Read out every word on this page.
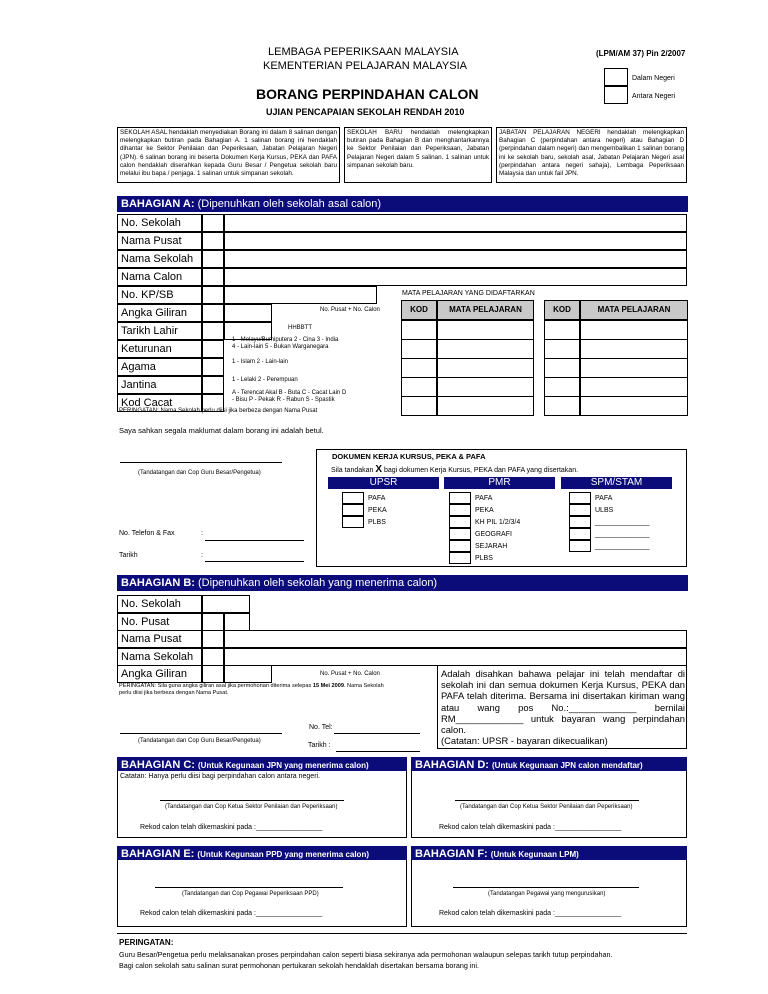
LEMBAGA PEPERIKSAAN MALAYSIA
KEMENTERIAN PELAJARAN MALAYSIA
(LPM/AM 37) Pin 2/2007
Dalam Negeri
Antara Negeri
BORANG PERPINDAHAN CALON
UJIAN PENCAPAIAN SEKOLAH RENDAH 2010
SEKOLAH ASAL hendaklah menyediakan Borang ini dalam 8 salinan dengan melengkapkan butiran pada Bahagian A. 1 salinan borang ini hendaklah dihantar ke Sektor Penilaian dan Peperiksaan, Jabatan Pelajaran Negeri (JPN). 6 salinan borang ini beserta Dokumen Kerja Kursus, PEKA dan PAFA calon hendaklah diserahkan kepada Guru Besar / Pengetua sekolah baru melalui ibu bapa / penjaga. 1 salinan untuk simpanan sekolah.
SEKOLAH BARU hendaklah melengkapkan butiran pada Bahagian B dan menghantarkannya ke Sektor Penilaian dan Peperiksaan, Jabatan Pelajaran Negeri dalam 5 salinan. 1 salinan untuk simpanan sekolah baru.
JABATAN PELAJARAN NEGERI hendaklah melengkapkan Bahagian C (perpindahan antara negeri) atau Bahagian D (perpindahan dalam negeri) dan mengembalikan 1 salinan borang ini ke sekolah baru, sekolah asal, Jabatan Pelajaran Negeri asal (perpindahan antara negeri sahaja), Lembaga Peperiksaan Malaysia dan untuk fail JPN.
BAHAGIAN A: (Dipenuhkan oleh sekolah asal calon)
No. Sekolah
Nama Pusat
Nama Sekolah
Nama Calon
No. KP/SB
Angka Giliran
Tarikh Lahir
Keturunan
Agama
Jantina
Kod Cacat
No. Pusat + No. Calon
HHBBTT
1 - Melayu/Bumiputera 2 - Cina 3 - India
4 - Lain-lain 5 - Bukan Warganegara
1 - Islam 2 - Lain-lain
1 - Lelaki 2 - Perempuan
A - Terencat Akal B - Buta C - Cacat Lain D
- Bisu P - Pekak R - Rabun S - Spastik
PERINGATAN: Nama Sekolah perlu diisi jika berbeza dengan Nama Pusat
Saya sahkan segala maklumat dalam borang ini adalah betul.
MATA PELAJARAN YANG DIDAFTARKAN
KOD	MATA PELAJARAN	KOD	MATA PELAJARAN
(Tandatangan dan Cop Guru Besar/Pengetua)
No. Telefon & Fax	:
Tarikh	:
DOKUMEN KERJA KURSUS, PEKA & PAFA
Sila tandakan X bagi dokumen Kerja Kursus, PEKA dan PAFA yang disertakan.
UPSR	PMR	SPM/STAM
PAFA
PEKA
PLBS
PAFA
PEKA
KH PIL 1/2/3/4
GEOGRAFI
SEJARAH
PLBS
PAFA
ULBS
______________
______________
______________
BAHAGIAN B: (Dipenuhkan oleh sekolah yang menerima calon)
No. Sekolah
No. Pusat
Nama Pusat
Nama Sekolah
Angka Giliran	No. Pusat + No. Calon
PERINGATAN: Sila guna angka giliran asal jika permohonan diterima selepas 15 Mei 2009. Nama Sekolah
perlu diisi jika berbeza dengan Nama Pusat.
Adalah disahkan bahawa pelajar ini telah mendaftar di sekolah ini dan semua dokumen Kerja Kursus, PEKA dan PAFA telah diterima. Bersama ini disertakan kiriman wang atau wang pos No.:_____________ bernilai RM_____________ untuk bayaran wang perpindahan calon.
(Catatan: UPSR - bayaran dikecualikan)
No. Tel:
(Tandatangan dan Cop Guru Besar/Pengetua)
Tarikh :
BAHAGIAN C: (Untuk Kegunaan JPN yang menerima calon)
Catatan: Hanya perlu diisi bagi perpindahan calon antara negeri.
(Tandatangan dan Cop Ketua Sektor Penilaian dan Peperiksaan)
Rekod calon telah dikemaskini pada :_________________
BAHAGIAN D: (Untuk Kegunaan JPN calon mendaftar)
(Tandatangan dan Cop Ketua Sektor Penilaian dan Peperiksaan)
Rekod calon telah dikemaskini pada :_________________
BAHAGIAN E: (Untuk Kegunaan PPD yang menerima calon)
(Tandatangan dan Cop Pegawai Peperiksaan PPD)
Rekod calon telah dikemaskini pada :_________________
BAHAGIAN F: (Untuk Kegunaan LPM)
(Tandatangan Pegawai yang mengurusikan)
Rekod calon telah dikemaskini pada :_________________
PERINGATAN:
Guru Besar/Pengetua perlu melaksanakan proses perpindahan calon seperti biasa sekiranya ada permohonan walaupun selepas tarikh tutup perpindahan.
Bagi calon sekolah satu salinan surat permohonan pertukaran sekolah hendaklah disertakan bersama borang ini.
